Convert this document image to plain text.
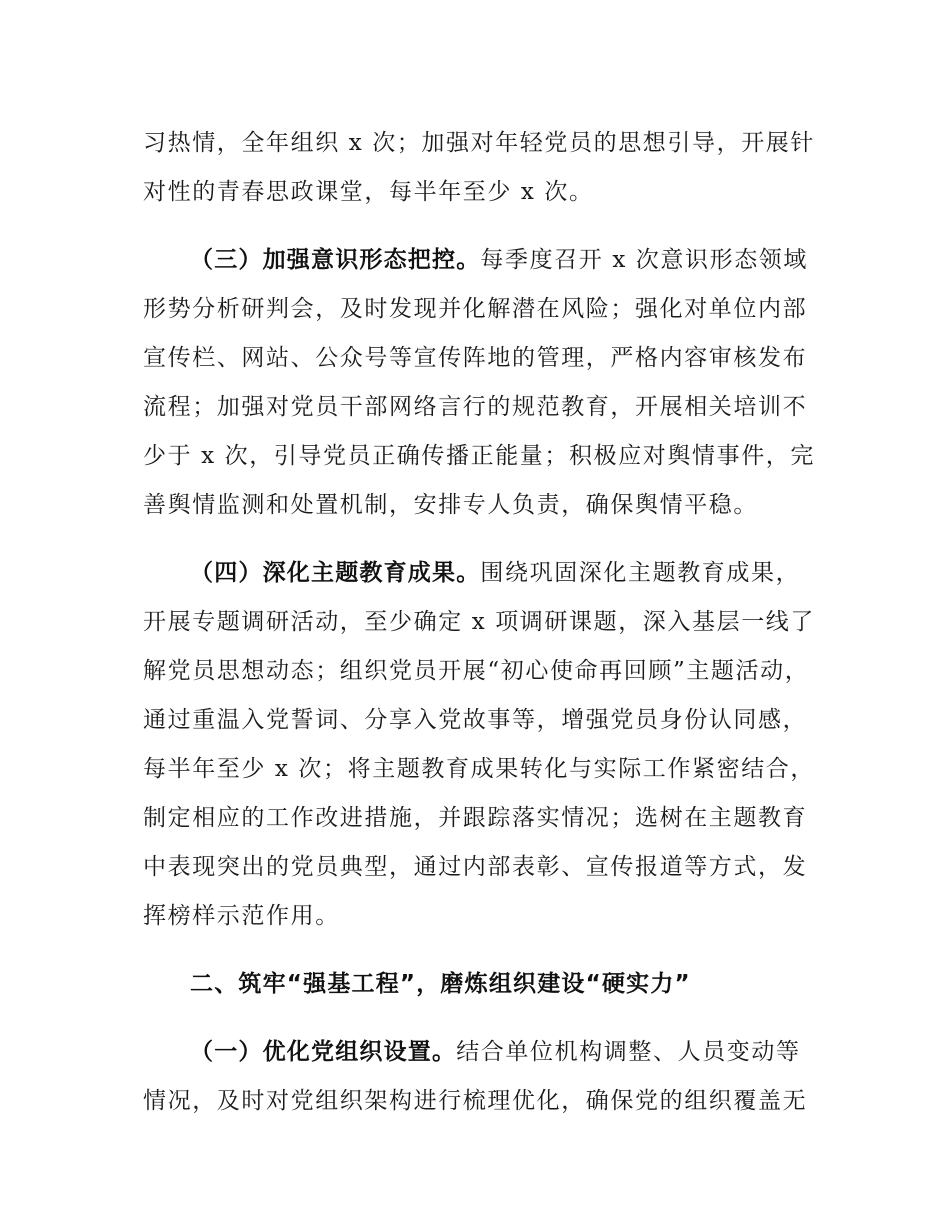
习热情，全年组织 x 次；加强对年轻党员的思想引导，开展针
对性的青春思政课堂，每半年至少 x 次。
（三）加强意识形态把控。每季度召开 x 次意识形态领域
形势分析研判会，及时发现并化解潜在风险；强化对单位内部
宣传栏、网站、公众号等宣传阵地的管理，严格内容审核发布
流程；加强对党员干部网络言行的规范教育，开展相关培训不
少于 x 次，引导党员正确传播正能量；积极应对舆情事件，完
善舆情监测和处置机制，安排专人负责，确保舆情平稳。
（四）深化主题教育成果。围绕巩固深化主题教育成果，
开展专题调研活动，至少确定 x 项调研课题，深入基层一线了
解党员思想动态；组织党员开展“初心使命再回顾”主题活动，
通过重温入党誓词、分享入党故事等，增强党员身份认同感，
每半年至少 x 次；将主题教育成果转化与实际工作紧密结合，
制定相应的工作改进措施，并跟踪落实情况；选树在主题教育
中表现突出的党员典型，通过内部表彰、宣传报道等方式，发
挥榜样示范作用。
二、筑牢“强基工程”，磨炼组织建设“硬实力”
（一）优化党组织设置。结合单位机构调整、人员变动等
情况，及时对党组织架构进行梳理优化，确保党的组织覆盖无
